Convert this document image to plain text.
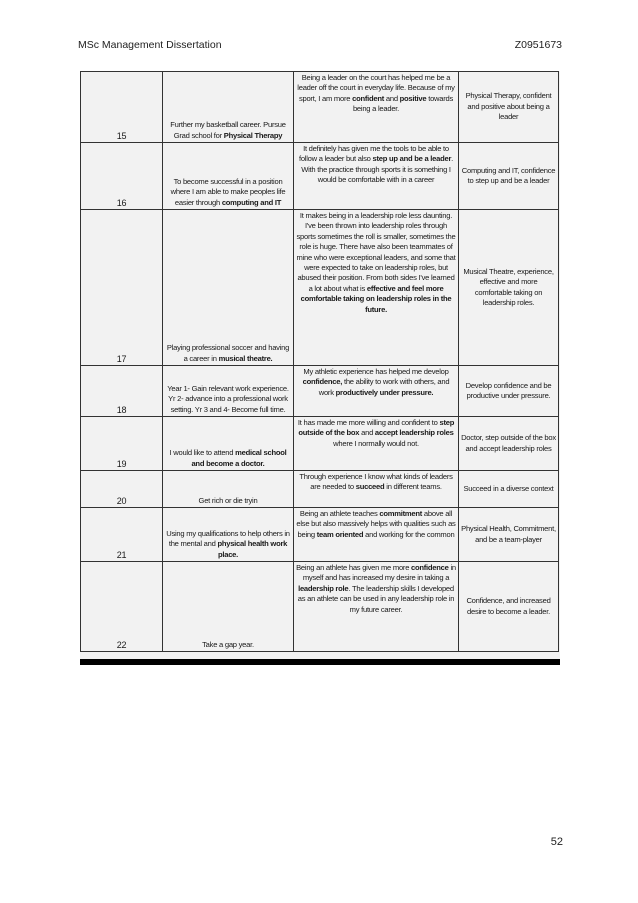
MSc Management Dissertation	Z0951673
15	Further my basketball career. Pursue Grad school for Physical Therapy	Being a leader on the court has helped me be a leader off the court in everyday life. Because of my sport, I am more confident and positive towards being a leader.	Physical Therapy, confident and positive about being a leader
16	To become successful in a position where I am able to make peoples life easier through computing and IT	It definitely has given me the tools to be able to follow a leader but also step up and be a leader. With the practice through sports it is something I would be comfortable with in a career	Computing and IT, confidence to step up and be a leader
17	Playing professional soccer and having a career in musical theatre.	It makes being in a leadership role less daunting. I've been thrown into leadership roles through sports sometimes the roll is smaller, sometimes the role is huge. There have also been teammates of mine who were exceptional leaders, and some that were expected to take on leadership roles, but abused their position. From both sides I've learned a lot about what is effective and feel more comfortable taking on leadership roles in the future.	Musical Theatre, experience, effective and more comfortable taking on leadership roles.
18	Year 1- Gain relevant work experience. Yr 2- advance into a professional work setting. Yr 3 and 4- Become full time.	My athletic experience has helped me develop confidence, the ability to work with others, and work productively under pressure.	Develop confidence and be productive under pressure.
19	I would like to attend medical school and become a doctor.	It has made me more willing and confident to step outside of the box and accept leadership roles where I normally would not.	Doctor, step outside of the box and accept leadership roles
20	Get rich or die tryin	Through experience I know what kinds of leaders are needed to succeed in different teams.	Succeed in a diverse context
21	Using my qualifications to help others in the mental and physical health work place.	Being an athlete teaches commitment above all else but also massively helps with qualities such as being team oriented and working for the common	Physical Health, Commitment, and be a team-player
22	Take a gap year.	Being an athlete has given me more confidence in myself and has increased my desire in taking a leadership role. The leadership skills I developed as an athlete can be used in any leadership role in my future career.	Confidence, and increased desire to become a leader.
52
